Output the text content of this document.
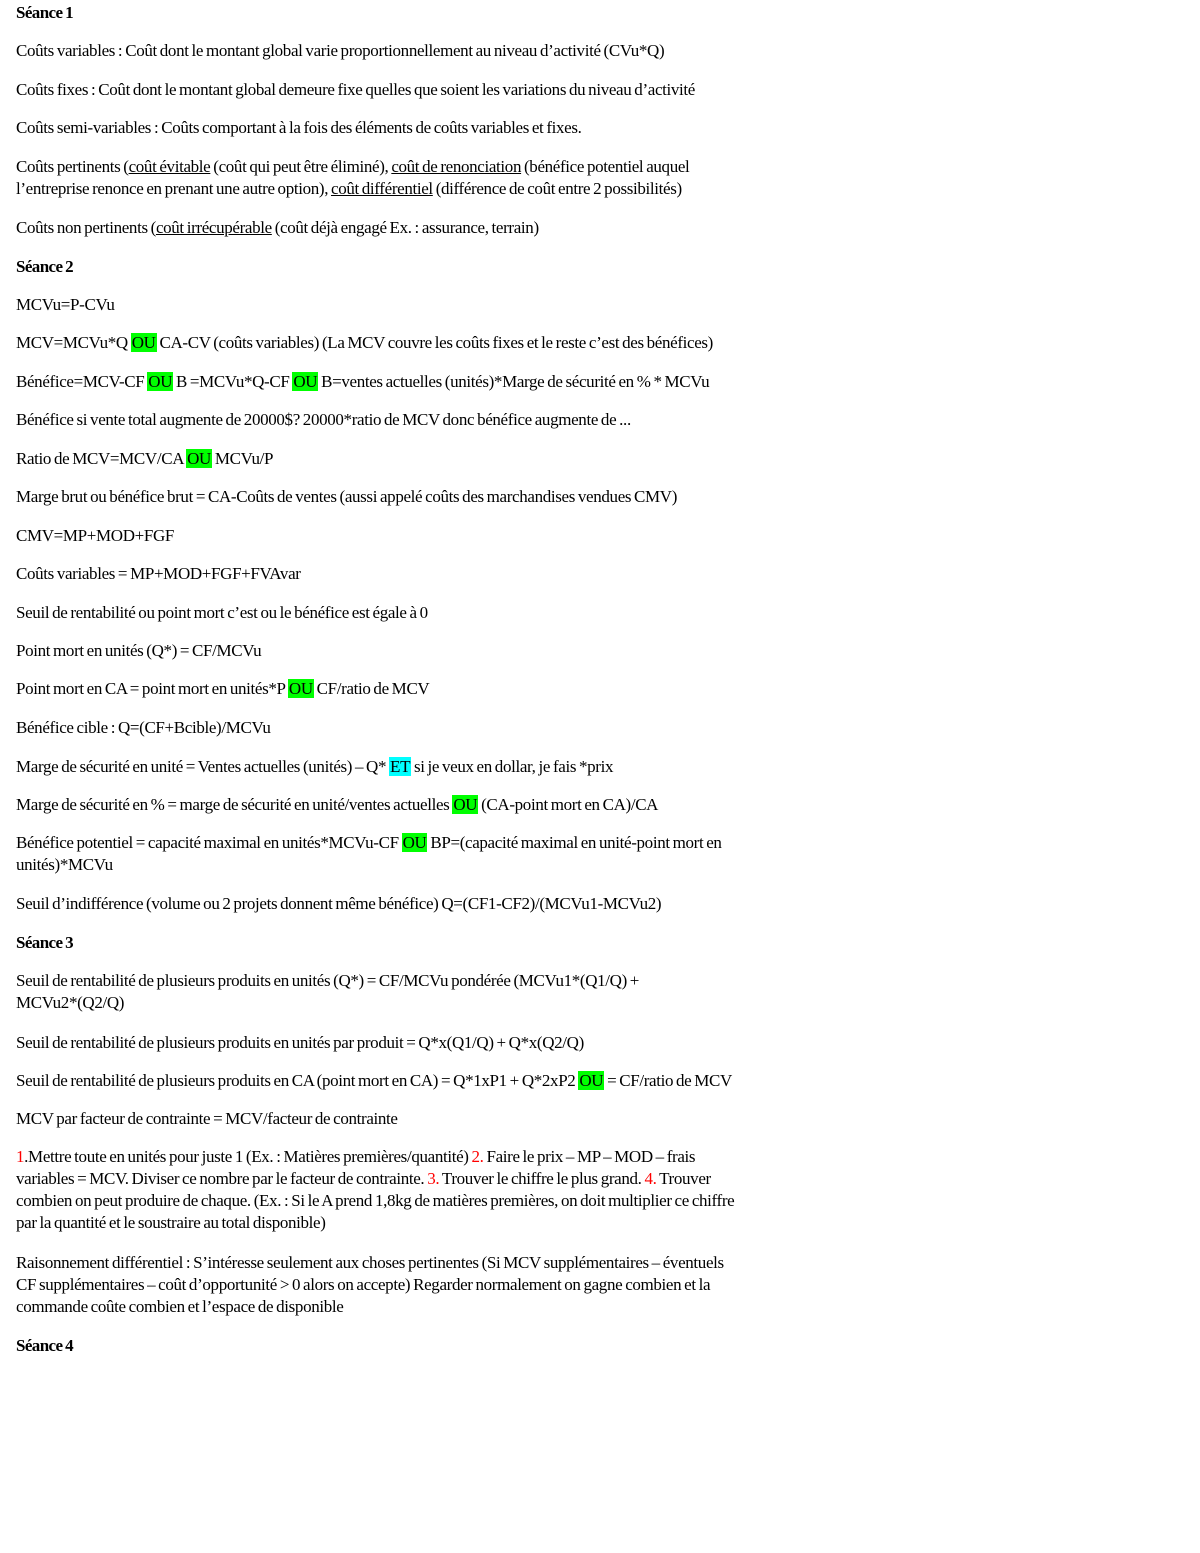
Séance 1

Coûts variables : Coût dont le montant global varie proportionnellement au niveau d’activité (CVu*Q)

Coûts fixes : Coût dont le montant global demeure fixe quelles que soient les variations du niveau d’activité

Coûts semi-variables : Coûts comportant à la fois des éléments de coûts variables et fixes.

Coûts pertinents (coût évitable (coût qui peut être éliminé), coût de renonciation (bénéfice potentiel auquel
l’entreprise renonce en prenant une autre option), coût différentiel (différence de coût entre 2 possibilités)

Coûts non pertinents (coût irrécupérable (coût déjà engagé Ex. : assurance, terrain)

Séance 2

MCVu=P-CVu

MCV=MCVu*Q OU CA-CV (coûts variables) (La MCV couvre les coûts fixes et le reste c’est des bénéfices)

Bénéfice=MCV-CF OU B =MCVu*Q-CF OU B=ventes actuelles (unités)*Marge de sécurité en % * MCVu

Bénéfice si vente total augmente de 20000$? 20000*ratio de MCV donc bénéfice augmente de ...

Ratio de MCV=MCV/CA OU MCVu/P

Marge brut ou bénéfice brut = CA-Coûts de ventes (aussi appelé coûts des marchandises vendues CMV)

CMV=MP+MOD+FGF

Coûts variables = MP+MOD+FGF+FVAvar

Seuil de rentabilité ou point mort c’est ou le bénéfice est égale à 0

Point mort en unités (Q*) = CF/MCVu

Point mort en CA = point mort en unités*P OU CF/ratio de MCV

Bénéfice cible : Q=(CF+Bcible)/MCVu

Marge de sécurité en unité = Ventes actuelles (unités) – Q* ET si je veux en dollar, je fais *prix

Marge de sécurité en % = marge de sécurité en unité/ventes actuelles OU (CA-point mort en CA)/CA

Bénéfice potentiel = capacité maximal en unités*MCVu-CF OU BP=(capacité maximal en unité-point mort en
unités)*MCVu

Seuil d’indifférence (volume ou 2 projets donnent même bénéfice) Q=(CF1-CF2)/(MCVu1-MCVu2)

Séance 3

Seuil de rentabilité de plusieurs produits en unités (Q*) = CF/MCVu pondérée (MCVu1*(Q1/Q) +
MCVu2*(Q2/Q)

Seuil de rentabilité de plusieurs produits en unités par produit = Q*x(Q1/Q) + Q*x(Q2/Q)

Seuil de rentabilité de plusieurs produits en CA (point mort en CA) = Q*1xP1 + Q*2xP2 OU = CF/ratio de MCV

MCV par facteur de contrainte = MCV/facteur de contrainte

1.Mettre toute en unités pour juste 1 (Ex. : Matières premières/quantité) 2. Faire le prix – MP – MOD – frais
variables = MCV. Diviser ce nombre par le facteur de contrainte. 3. Trouver le chiffre le plus grand. 4. Trouver
combien on peut produire de chaque. (Ex. : Si le A prend 1,8kg de matières premières, on doit multiplier ce chiffre
par la quantité et le soustraire au total disponible)

Raisonnement différentiel : S’intéresse seulement aux choses pertinentes (Si MCV supplémentaires – éventuels
CF supplémentaires – coût d’opportunité > 0 alors on accepte) Regarder normalement on gagne combien et la
commande coûte combien et l’espace de disponible

Séance 4
